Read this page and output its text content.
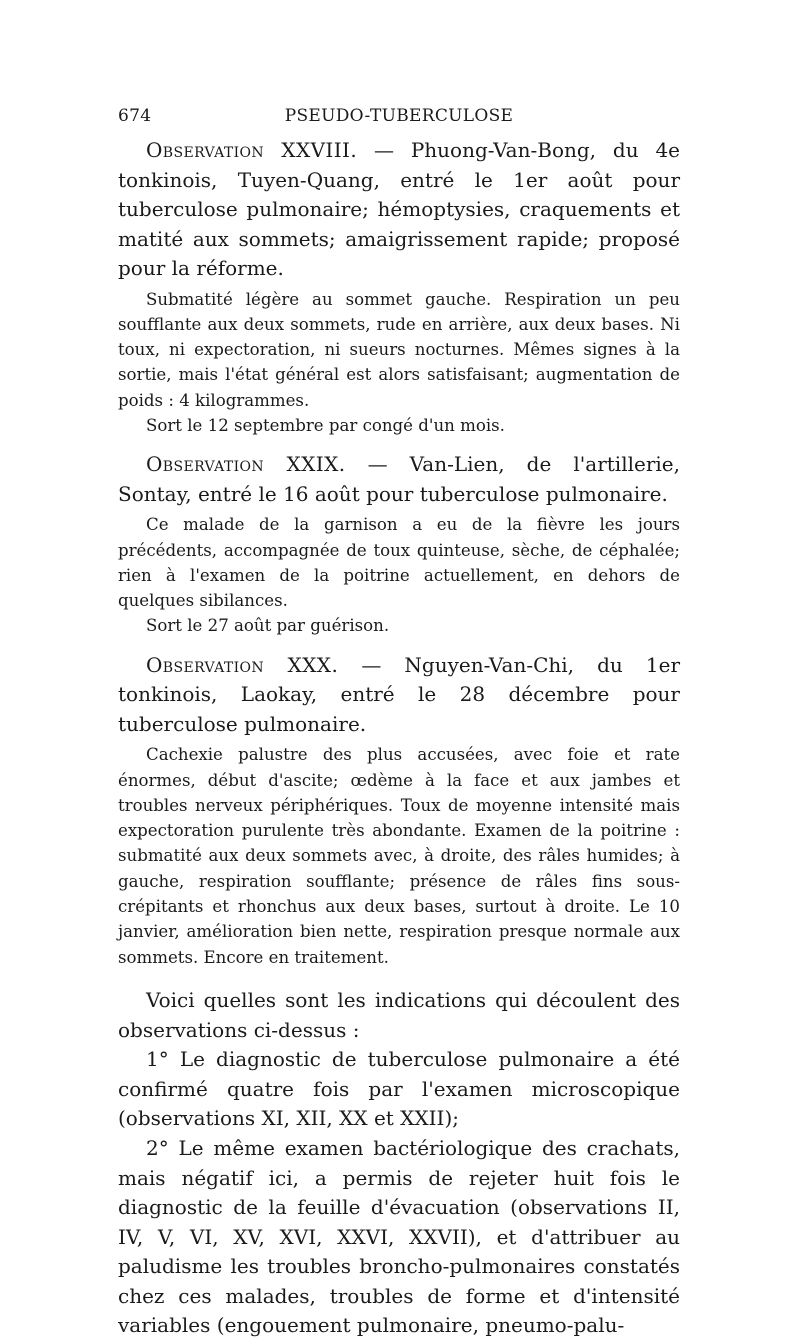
674	PSEUDO-TUBERCULOSE

Observation XXVIII. — Phuong-Van-Bong, du 4e tonkinois, Tuyen-Quang, entré le 1er août pour tuberculose pulmonaire; hémoptysies, craquements et matité aux sommets; amaigrissement rapide; proposé pour la réforme.

Submatité légère au sommet gauche. Respiration un peu soufflante aux deux sommets, rude en arrière, aux deux bases. Ni toux, ni expectoration, ni sueurs nocturnes. Mêmes signes à la sortie, mais l'état général est alors satisfaisant; augmentation de poids : 4 kilogrammes.

Sort le 12 septembre par congé d'un mois.

Observation XXIX. — Van-Lien, de l'artillerie, Sontay, entré le 16 août pour tuberculose pulmonaire.

Ce malade de la garnison a eu de la fièvre les jours précédents, accompagnée de toux quinteuse, sèche, de céphalée; rien à l'examen de la poitrine actuellement, en dehors de quelques sibilances.

Sort le 27 août par guérison.

Observation XXX. — Nguyen-Van-Chi, du 1er tonkinois, Laokay, entré le 28 décembre pour tuberculose pulmonaire.

Cachexie palustre des plus accusées, avec foie et rate énormes, début d'ascite; œdème à la face et aux jambes et troubles nerveux périphériques. Toux de moyenne intensité mais expectoration purulente très abondante. Examen de la poitrine : submatité aux deux sommets avec, à droite, des râles humides; à gauche, respiration soufflante; présence de râles fins sous-crépitants et rhonchus aux deux bases, surtout à droite. Le 10 janvier, amélioration bien nette, respiration presque normale aux sommets. Encore en traitement.

Voici quelles sont les indications qui découlent des observations ci-dessus :

1° Le diagnostic de tuberculose pulmonaire a été confirmé quatre fois par l'examen microscopique (observations XI, XII, XX et XXII);

2° Le même examen bactériologique des crachats, mais négatif ici, a permis de rejeter huit fois le diagnostic de la feuille d'évacuation (observations II, IV, V, VI, XV, XVI, XXVI, XXVII), et d'attribuer au paludisme les troubles broncho-pulmonaires constatés chez ces malades, troubles de forme et d'intensité variables (engouement pulmonaire, pneumo-palu-
